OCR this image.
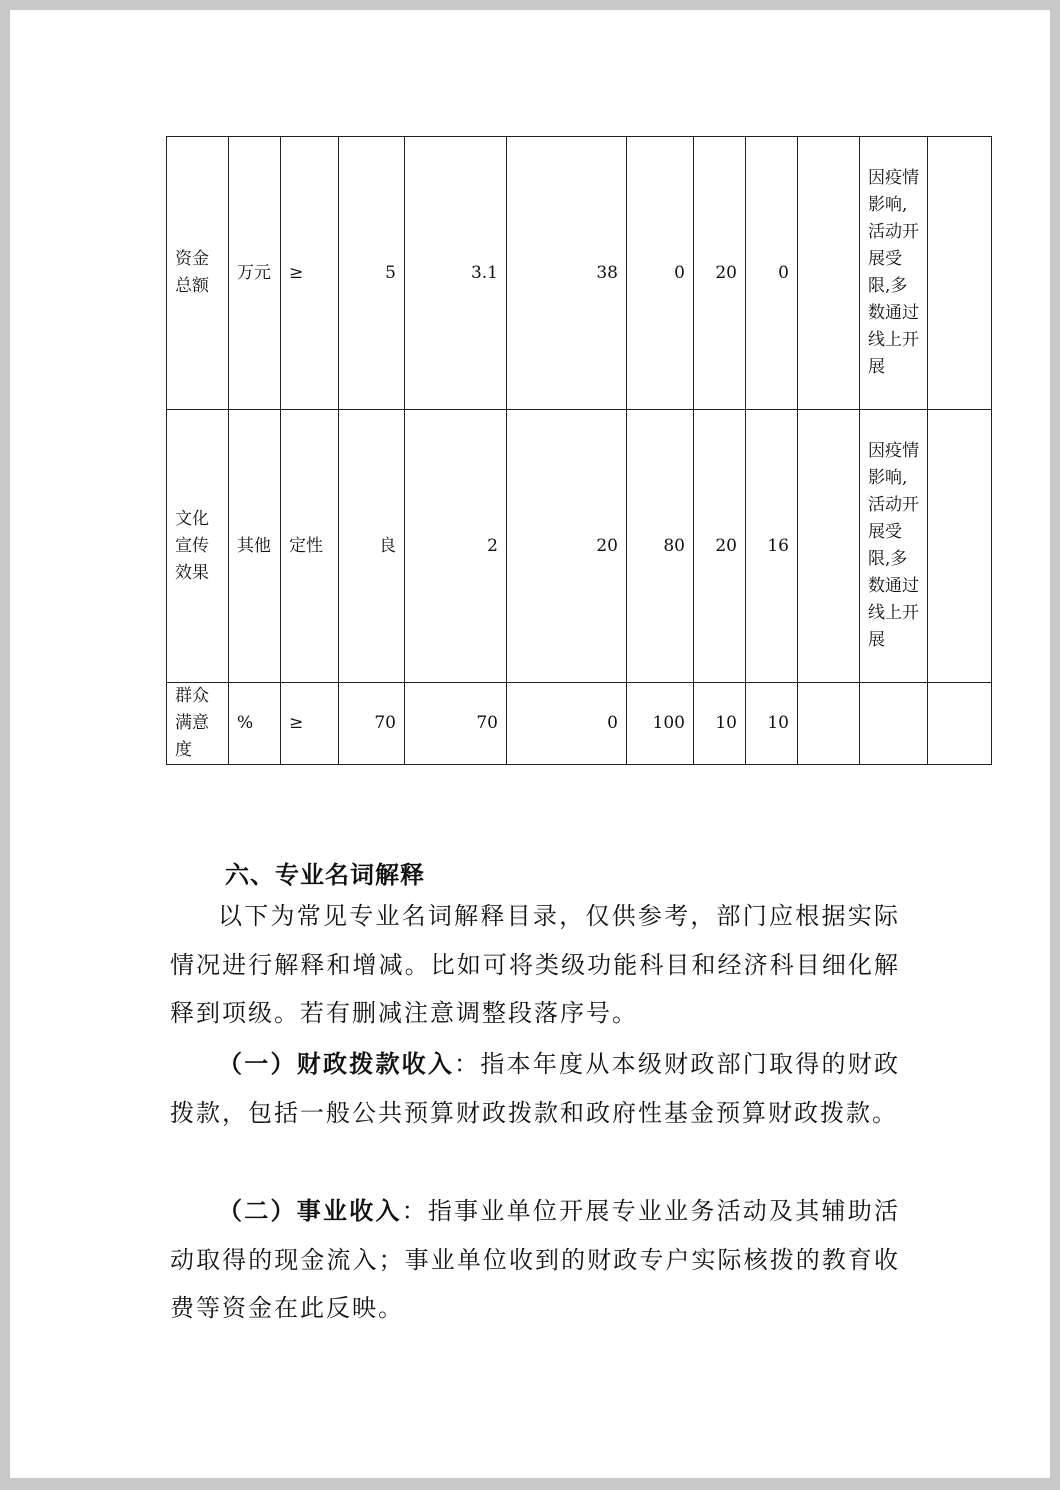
资金总额	万元	≥	5	3.1	38	0	20	0		因疫情影响,活动开展受限,多数通过线上开展	
文化宣传效果	其他	定性	良	2	20	80	20	16		因疫情影响,活动开展受限,多数通过线上开展	
群众满意度	%	≥	70	70	0	100	10	10			
六、专业名词解释

以下为常见专业名词解释目录，仅供参考，部门应根据实际情况进行解释和增减。比如可将类级功能科目和经济科目细化解释到项级。若有删减注意调整段落序号。

（一）财政拨款收入：指本年度从本级财政部门取得的财政拨款，包括一般公共预算财政拨款和政府性基金预算财政拨款。

（二）事业收入：指事业单位开展专业业务活动及其辅助活动取得的现金流入；事业单位收到的财政专户实际核拨的教育收费等资金在此反映。
